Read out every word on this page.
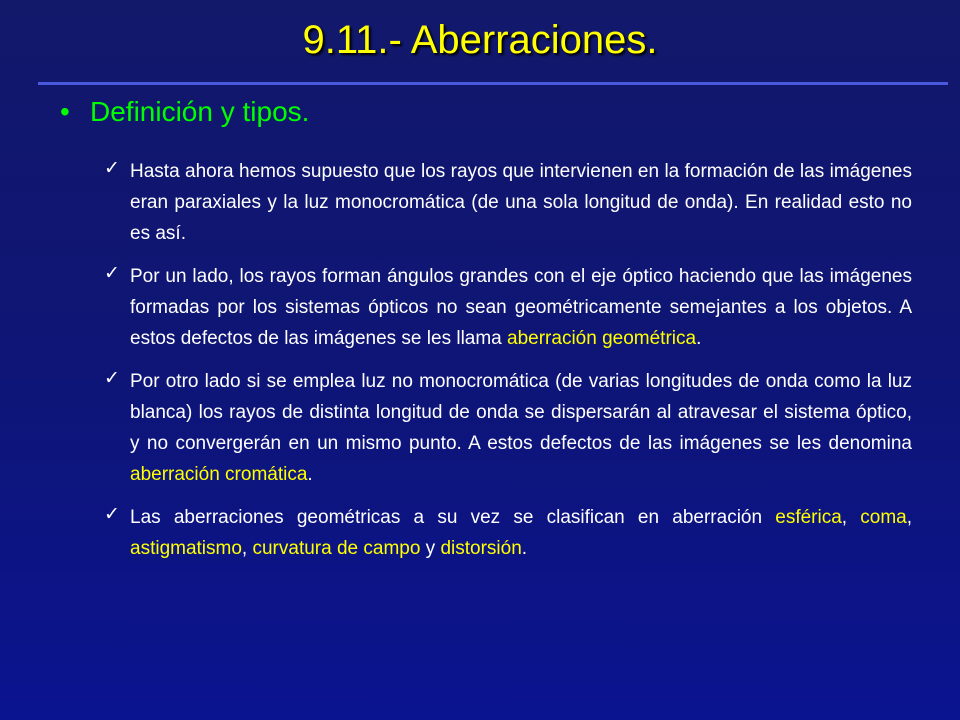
9.11.- Aberraciones.
• Definición y tipos.
✓ Hasta ahora hemos supuesto que los rayos que intervienen en la formación de las imágenes eran paraxiales y la luz monocromática (de una sola longitud de onda). En realidad esto no es así.
✓ Por un lado, los rayos forman ángulos grandes con el eje óptico haciendo que las imágenes formadas por los sistemas ópticos no sean geométricamente semejantes a los objetos. A estos defectos de las imágenes se les llama aberración geométrica.
✓ Por otro lado si se emplea luz no monocromática (de varias longitudes de onda como la luz blanca) los rayos de distinta longitud de onda se dispersarán al atravesar el sistema óptico, y no convergerán en un mismo punto. A estos defectos de las imágenes se les denomina aberración cromática.
✓ Las aberraciones geométricas a su vez se clasifican en aberración esférica, coma, astigmatismo, curvatura de campo y distorsión.
